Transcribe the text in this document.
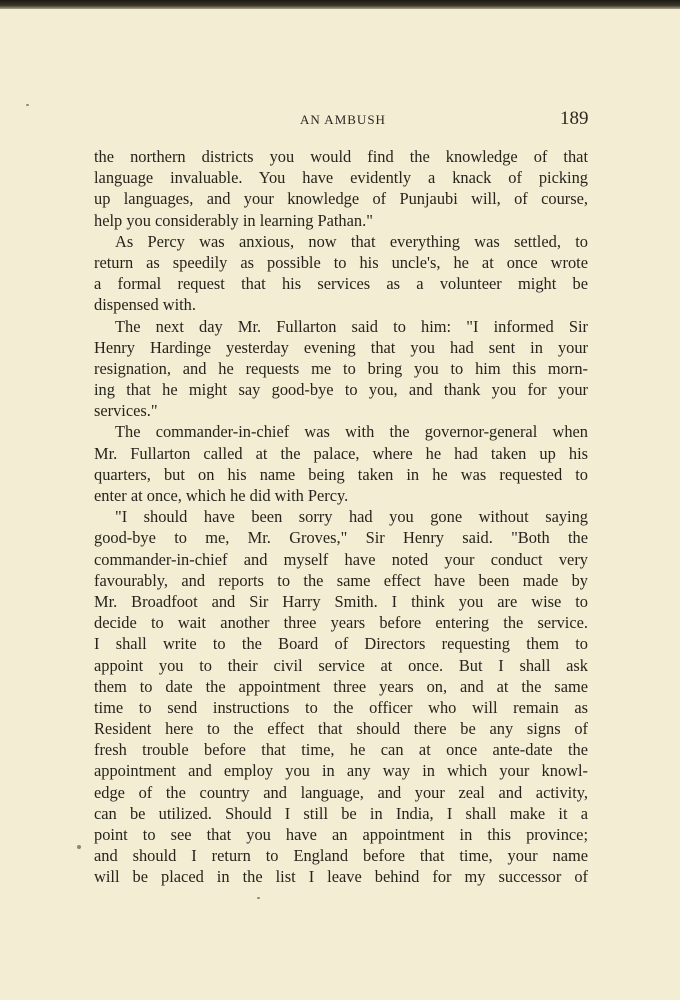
AN AMBUSH	189
the northern districts you would find the knowledge of that
language invaluable. You have evidently a knack of picking
up languages, and your knowledge of Punjaubi will, of course,
help you considerably in learning Pathan."
As Percy was anxious, now that everything was settled, to
return as speedily as possible to his uncle's, he at once wrote
a formal request that his services as a volunteer might be
dispensed with.
The next day Mr. Fullarton said to him: "I informed Sir
Henry Hardinge yesterday evening that you had sent in your
resignation, and he requests me to bring you to him this morn-
ing that he might say good-bye to you, and thank you for your
services."
The commander-in-chief was with the governor-general when
Mr. Fullarton called at the palace, where he had taken up his
quarters, but on his name being taken in he was requested to
enter at once, which he did with Percy.
"I should have been sorry had you gone without saying
good-bye to me, Mr. Groves," Sir Henry said. "Both the
commander-in-chief and myself have noted your conduct very
favourably, and reports to the same effect have been made by
Mr. Broadfoot and Sir Harry Smith. I think you are wise to
decide to wait another three years before entering the service.
I shall write to the Board of Directors requesting them to
appoint you to their civil service at once. But I shall ask
them to date the appointment three years on, and at the same
time to send instructions to the officer who will remain as
Resident here to the effect that should there be any signs of
fresh trouble before that time, he can at once ante-date the
appointment and employ you in any way in which your knowl-
edge of the country and language, and your zeal and activity,
can be utilized. Should I still be in India, I shall make it a
point to see that you have an appointment in this province;
and should I return to England before that time, your name
will be placed in the list I leave behind for my successor of
